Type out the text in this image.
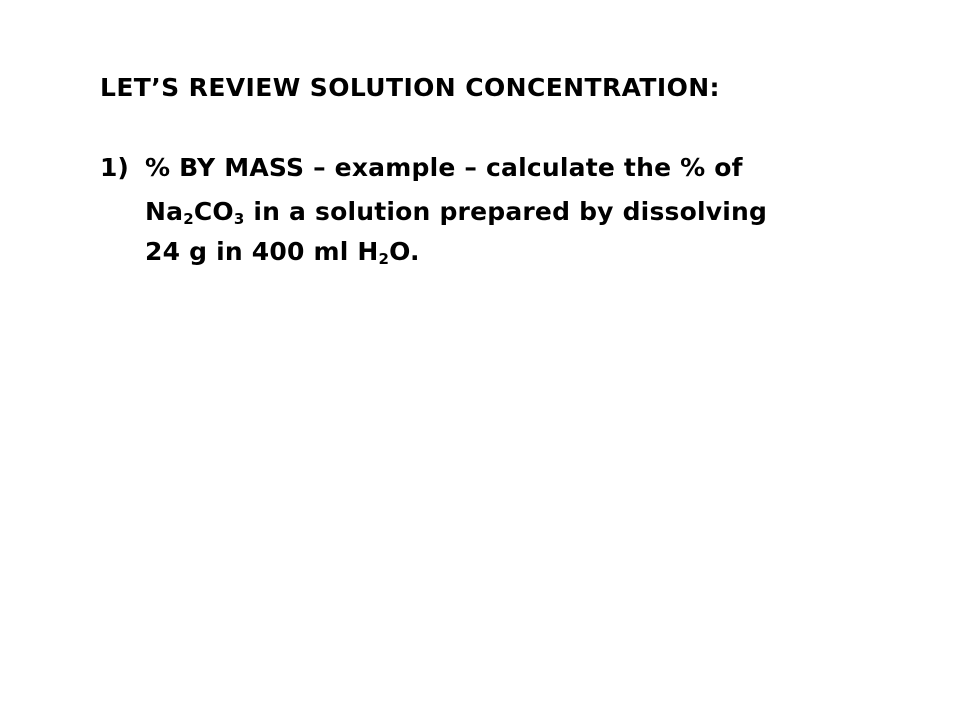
LET’S REVIEW SOLUTION CONCENTRATION:
1) % BY MASS – example – calculate the % of
$Na_2CO_3$ in a solution prepared by dissolving
24 g in 400 ml $H_2O$.
